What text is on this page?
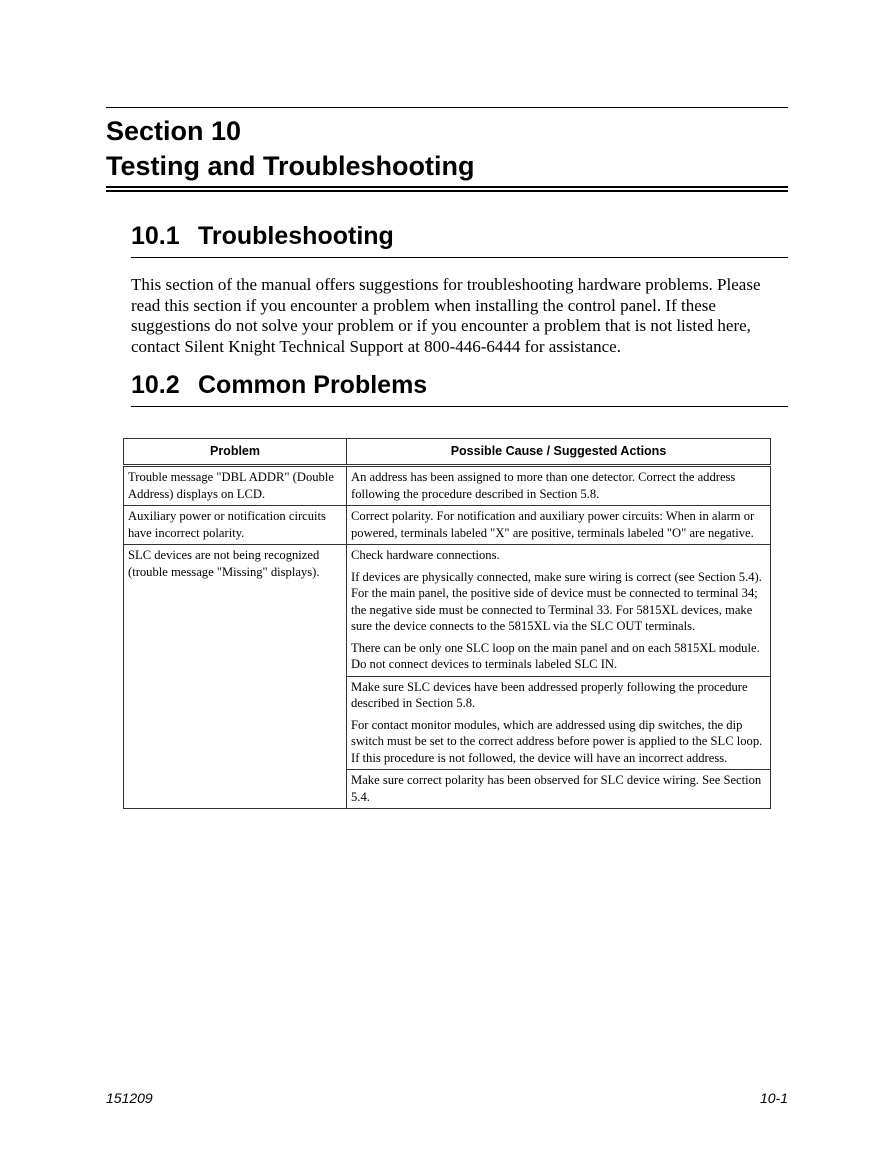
Section 10
Testing and Troubleshooting
10.1 Troubleshooting

This section of the manual offers suggestions for troubleshooting hardware problems. Please read this section if you encounter a problem when installing the control panel. If these suggestions do not solve your problem or if you encounter a problem that is not listed here, contact Silent Knight Technical Support at 800-446-6444 for assistance.

10.2 Common Problems
Problem	Possible Cause / Suggested Actions
Trouble message "DBL ADDR" (Double Address) displays on LCD.	An address has been assigned to more than one detector. Correct the address following the procedure described in Section 5.8.

Auxiliary power or notification circuits have incorrect polarity.	Correct polarity. For notification and auxiliary power circuits: When in alarm or powered, terminals labeled "X" are positive, terminals labeled "O" are negative.

SLC devices are not being recognized (trouble message "Missing" displays).	Check hardware connections.

If devices are physically connected, make sure wiring is correct (see Section 5.4). For the main panel, the positive side of device must be connected to terminal 34; the negative side must be connected to Terminal 33. For 5815XL devices, make sure the device connects to the 5815XL via the SLC OUT terminals.

There can be only one SLC loop on the main panel and on each 5815XL module. Do not connect devices to terminals labeled SLC IN.

	Make sure SLC devices have been addressed properly following the procedure described in Section 5.8.

For contact monitor modules, which are addressed using dip switches, the dip switch must be set to the correct address before power is applied to the SLC loop. If this procedure is not followed, the device will have an incorrect address.

	Make sure correct polarity has been observed for SLC device wiring. See Section 5.4.

151209	10-1
